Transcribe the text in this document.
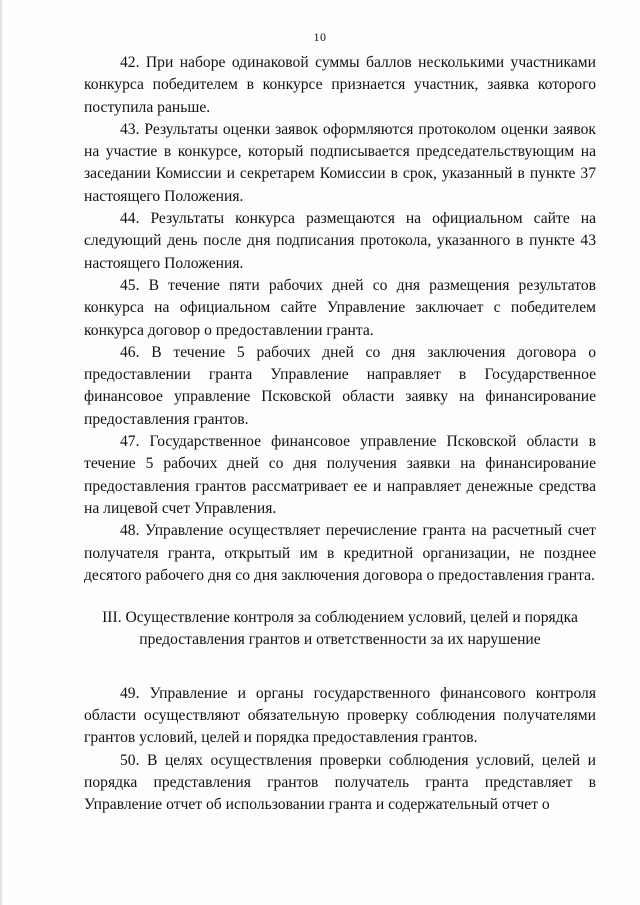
10

42. При наборе одинаковой суммы баллов несколькими участниками конкурса победителем в конкурсе признается участник, заявка которого поступила раньше.

43. Результаты оценки заявок оформляются протоколом оценки заявок на участие в конкурсе, который подписывается председательствующим на заседании Комиссии и секретарем Комиссии в срок, указанный в пункте 37 настоящего Положения.

44. Результаты конкурса размещаются на официальном сайте на следующий день после дня подписания протокола, указанного в пункте 43 настоящего Положения.

45. В течение пяти рабочих дней со дня размещения результатов конкурса на официальном сайте Управление заключает с победителем конкурса договор о предоставлении гранта.

46. В течение 5 рабочих дней со дня заключения договора о предоставлении гранта Управление направляет в Государственное финансовое управление Псковской области заявку на финансирование предоставления грантов.

47. Государственное финансовое управление Псковской области в течение 5 рабочих дней со дня получения заявки на финансирование предоставления грантов рассматривает ее и направляет денежные средства на лицевой счет Управления.

48. Управление осуществляет перечисление гранта на расчетный счет получателя гранта, открытый им в кредитной организации, не позднее десятого рабочего дня со дня заключения договора о предоставления гранта.

III. Осуществление контроля за соблюдением условий, целей и порядка предоставления грантов и ответственности за их нарушение

49. Управление и органы государственного финансового контроля области осуществляют обязательную проверку соблюдения получателями грантов условий, целей и порядка предоставления грантов.

50. В целях осуществления проверки соблюдения условий, целей и порядка представления грантов получатель гранта представляет в Управление отчет об использовании гранта и содержательный отчет о
